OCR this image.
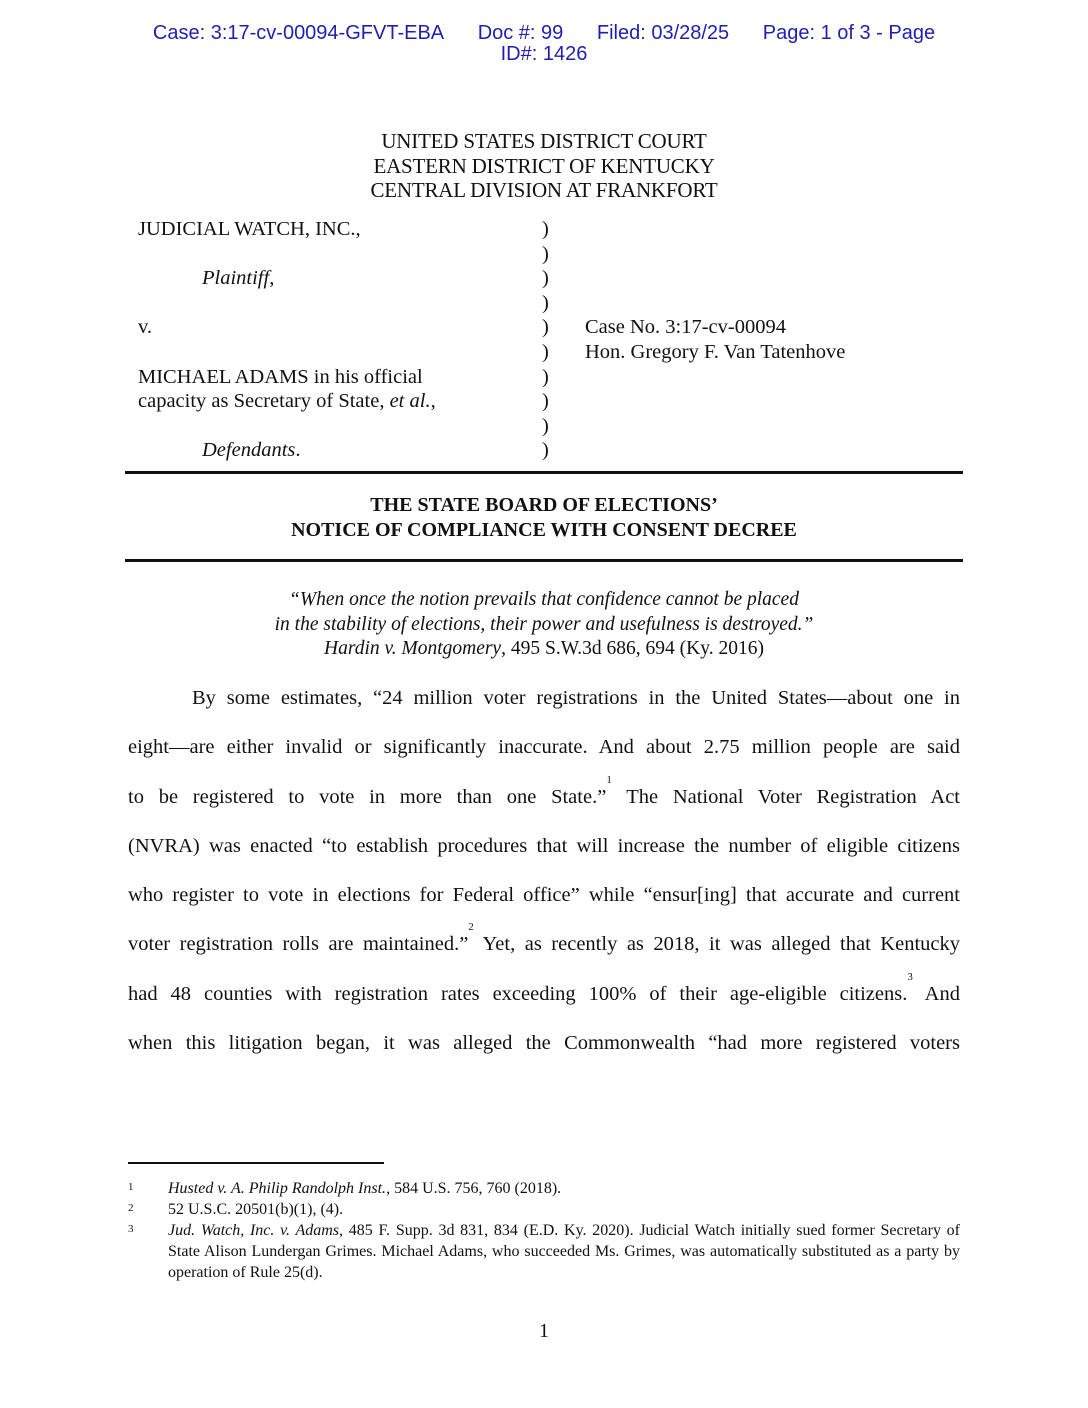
Case: 3:17-cv-00094-GFVT-EBA Doc #: 99 Filed: 03/28/25 Page: 1 of 3 - Page
ID#: 1426
UNITED STATES DISTRICT COURT
EASTERN DISTRICT OF KENTUCKY
CENTRAL DIVISION AT FRANKFORT
JUDICIAL WATCH, INC.,
Plaintiff,
v.
MICHAEL ADAMS in his official
capacity as Secretary of State, et al.,
Defendants.
)
)
)
)
)
)
)
)
)
)
Case No. 3:17-cv-00094
Hon. Gregory F. Van Tatenhove
THE STATE BOARD OF ELECTIONS’
NOTICE OF COMPLIANCE WITH CONSENT DECREE
“When once the notion prevails that confidence cannot be placed
in the stability of elections, their power and usefulness is destroyed.”
Hardin v. Montgomery, 495 S.W.3d 686, 694 (Ky. 2016)
By some estimates, “24 million voter registrations in the United States—about one in
eight—are either invalid or significantly inaccurate. And about 2.75 million people are said
to be registered to vote in more than one State.”$^1$ The National Voter Registration Act
(NVRA) was enacted “to establish procedures that will increase the number of eligible citizens
who register to vote in elections for Federal office” while “ensur[ing] that accurate and current
voter registration rolls are maintained.”$^2$ Yet, as recently as 2018, it was alleged that Kentucky
had 48 counties with registration rates exceeding 100% of their age-eligible citizens.$^3$ And
when this litigation began, it was alleged the Commonwealth “had more registered voters
1 Husted v. A. Philip Randolph Inst., 584 U.S. 756, 760 (2018).
2 52 U.S.C. 20501(b)(1), (4).
3 Jud. Watch, Inc. v. Adams, 485 F. Supp. 3d 831, 834 (E.D. Ky. 2020). Judicial Watch initially sued former Secretary of State Alison Lundergan Grimes. Michael Adams, who succeeded Ms. Grimes, was automatically substituted as a party by operation of Rule 25(d).
1
